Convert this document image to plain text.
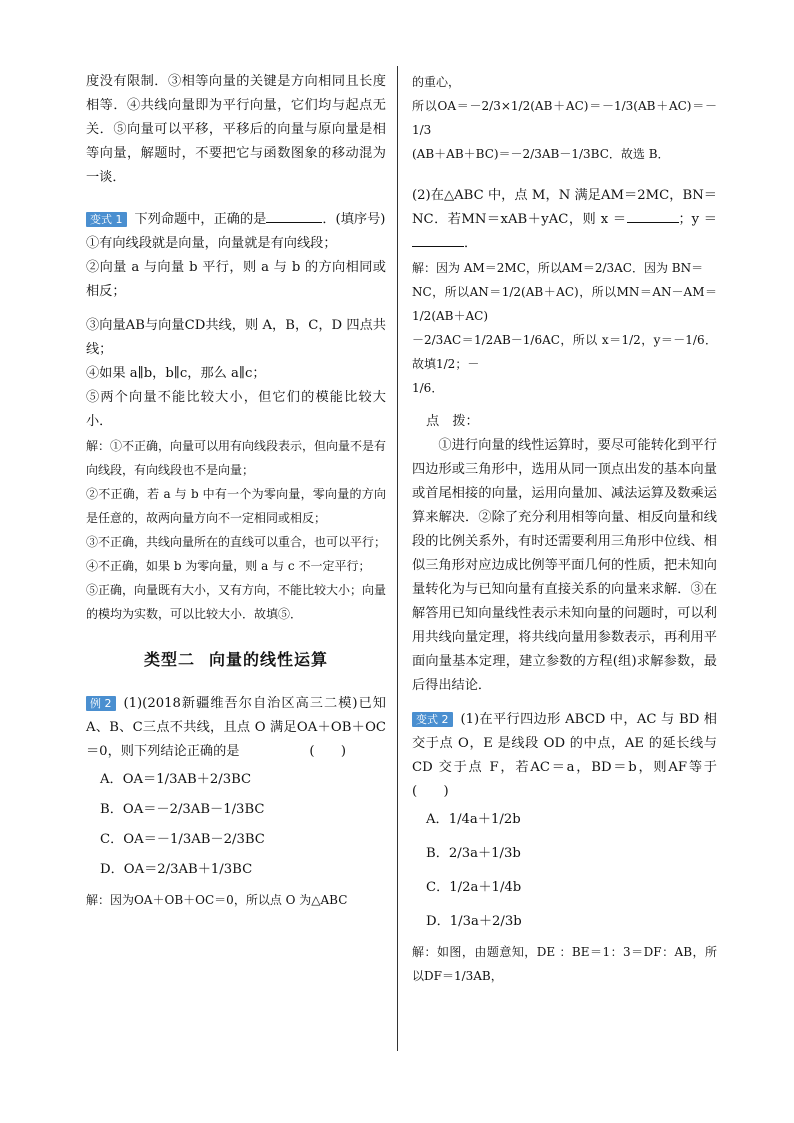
度没有限制．③相等向量的关键是方向相同且长度相等．④共线向量即为平行向量，它们均与起点无关．⑤向量可以平移，平移后的向量与原向量是相等向量，解题时，不要把它与函数图象的移动混为一谈．

变式 1 下列命题中，正确的是	．(填序号)

①有向线段就是向量，向量就是有向线段；

②向量 a 与向量 b 平行，则 a 与 b 的方向相同或相反；

③向量AB与向量CD共线，则 A，B，C，D 四点共线；

④如果 a∥b，b∥c，那么 a∥c；

⑤两个向量不能比较大小，但它们的模能比较大小．

解：①不正确，向量可以用有向线段表示，但向量不是有向线段，有向线段也不是向量；

②不正确，若 a 与 b 中有一个为零向量，零向量的方向是任意的，故两向量方向不一定相同或相反；

③不正确，共线向量所在的直线可以重合，也可以平行；

④不正确，如果 b 为零向量，则 a 与 c 不一定平行；

⑤正确，向量既有大小，又有方向，不能比较大小；向量的模均为实数，可以比较大小．故填⑤．

类型二 向量的线性运算

例 2 (1)(2018新疆维吾尔自治区高三二模)已知A、B、C三点不共线，且点 O 满足OA＋OB＋OC＝0，则下列结论正确的是	(　　)

A．OA＝1/3AB＋2/3BC

B．OA＝－2/3AB－1/3BC

C．OA＝－1/3AB－2/3BC

D．OA＝2/3AB＋1/3BC

解：因为OA＋OB＋OC＝0，所以点 O 为△ABC

的重心，

所以OA＝－2/3×1/2(AB＋AC)＝－1/3(AB＋AC)＝－1/3

(AB＋AB＋BC)＝－2/3AB－1/3BC．故选 B．

(2)在△ABC 中，点 M，N 满足AM＝2MC，BN＝NC．若MN＝xAB＋yAC，则 x ＝	；y ＝．

解：因为 AM＝2MC，所以AM＝2/3AC．因为 BN＝

NC，所以AN＝1/2(AB＋AC)，所以MN＝AN－AM＝1/2(AB＋AC)

－2/3AC＝1/2AB－1/6AC，所以 x＝1/2，y＝－1/6．故填1/2；－

1/6．

点　拨：

①进行向量的线性运算时，要尽可能转化到平行四边形或三角形中，选用从同一顶点出发的基本向量或首尾相接的向量，运用向量加、减法运算及数乘运算来解决．②除了充分利用相等向量、相反向量和线段的比例关系外，有时还需要利用三角形中位线、相似三角形对应边成比例等平面几何的性质，把未知向量转化为与已知向量有直接关系的向量来求解．③在解答用已知向量线性表示未知向量的问题时，可以利用共线向量定理，将共线向量用参数表示，再利用平面向量基本定理，建立参数的方程(组)求解参数，最后得出结论．

变式 2 (1)在平行四边形 ABCD 中，AC 与 BD 相交于点 O，E 是线段 OD 的中点，AE 的延长线与 CD 交于点 F，若AC＝a，BD＝b，则AF等于(　　)

A．1/4a＋1/2b

B．2/3a＋1/3b

C．1/2a＋1/4b

D．1/3a＋2/3b

解：如图，由题意知，DE ：BE＝1：3＝DF：AB，所以DF＝1/3AB，
